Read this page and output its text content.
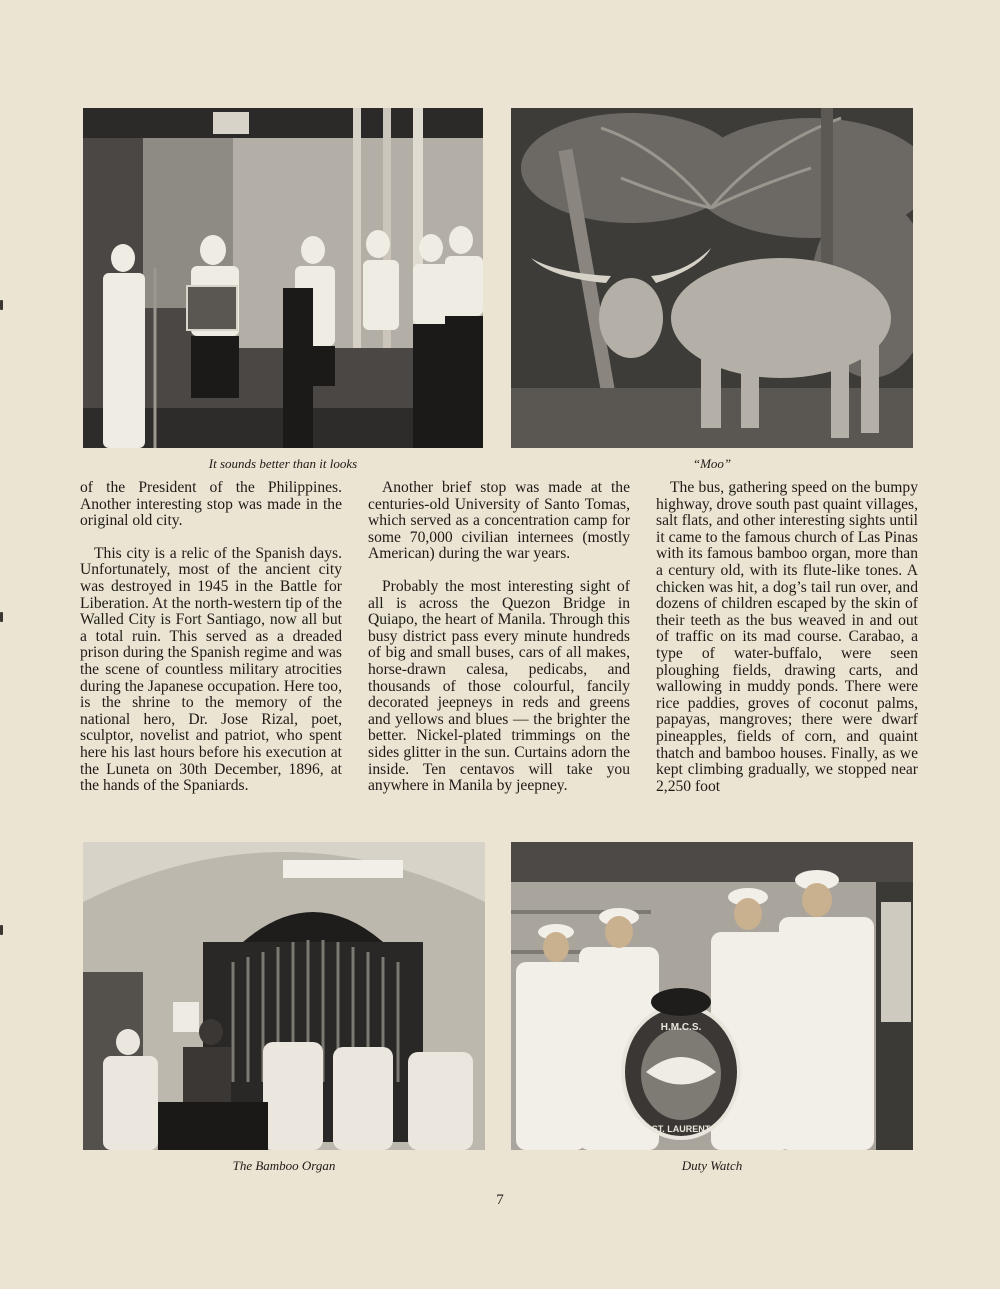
It sounds better than it looks	“Moo”

of the President of the Philippines. Another interesting stop was made in the original old city.

This city is a relic of the Spanish days. Unfortunately, most of the ancient city was destroyed in 1945 in the Battle for Liberation. At the north-western tip of the Walled City is Fort Santiago, now all but a total ruin. This served as a dreaded prison during the Spanish regime and was the scene of countless military atrocities during the Japanese occupation. Here too, is the shrine to the memory of the national hero, Dr. Jose Rizal, poet, sculptor, novelist and patriot, who spent here his last hours before his execution at the Luneta on 30th December, 1896, at the hands of the Spaniards.

Another brief stop was made at the centuries-old University of Santo Tomas, which served as a concentration camp for some 70,000 civilian internees (mostly American) during the war years.

Probably the most interesting sight of all is across the Quezon Bridge in Quiapo, the heart of Manila. Through this busy district pass every minute hundreds of big and small buses, cars of all makes, horse-drawn calesa, pedicabs, and thousands of those colourful, fancily decorated jeepneys in reds and greens and yellows and blues — the brighter the better. Nickel-plated trimmings on the sides glitter in the sun. Curtains adorn the inside. Ten centavos will take you anywhere in Manila by jeepney.

The bus, gathering speed on the bumpy highway, drove south past quaint villages, salt flats, and other interesting sights until it came to the famous church of Las Pinas with its famous bamboo organ, more than a century old, with its flute-like tones. A chicken was hit, a dog’s tail run over, and dozens of children escaped by the skin of their teeth as the bus weaved in and out of traffic on its mad course. Carabao, a type of water-buffalo, were seen ploughing fields, drawing carts, and wallowing in muddy ponds. There were rice paddies, groves of coconut palms, papayas, mangroves; there were dwarf pineapples, fields of corn, and quaint thatch and bamboo houses. Finally, as we kept climbing gradually, we stopped near 2,250 foot

H.M.C.S.
ST. LAURENT
The Bamboo Organ	Duty Watch
7
